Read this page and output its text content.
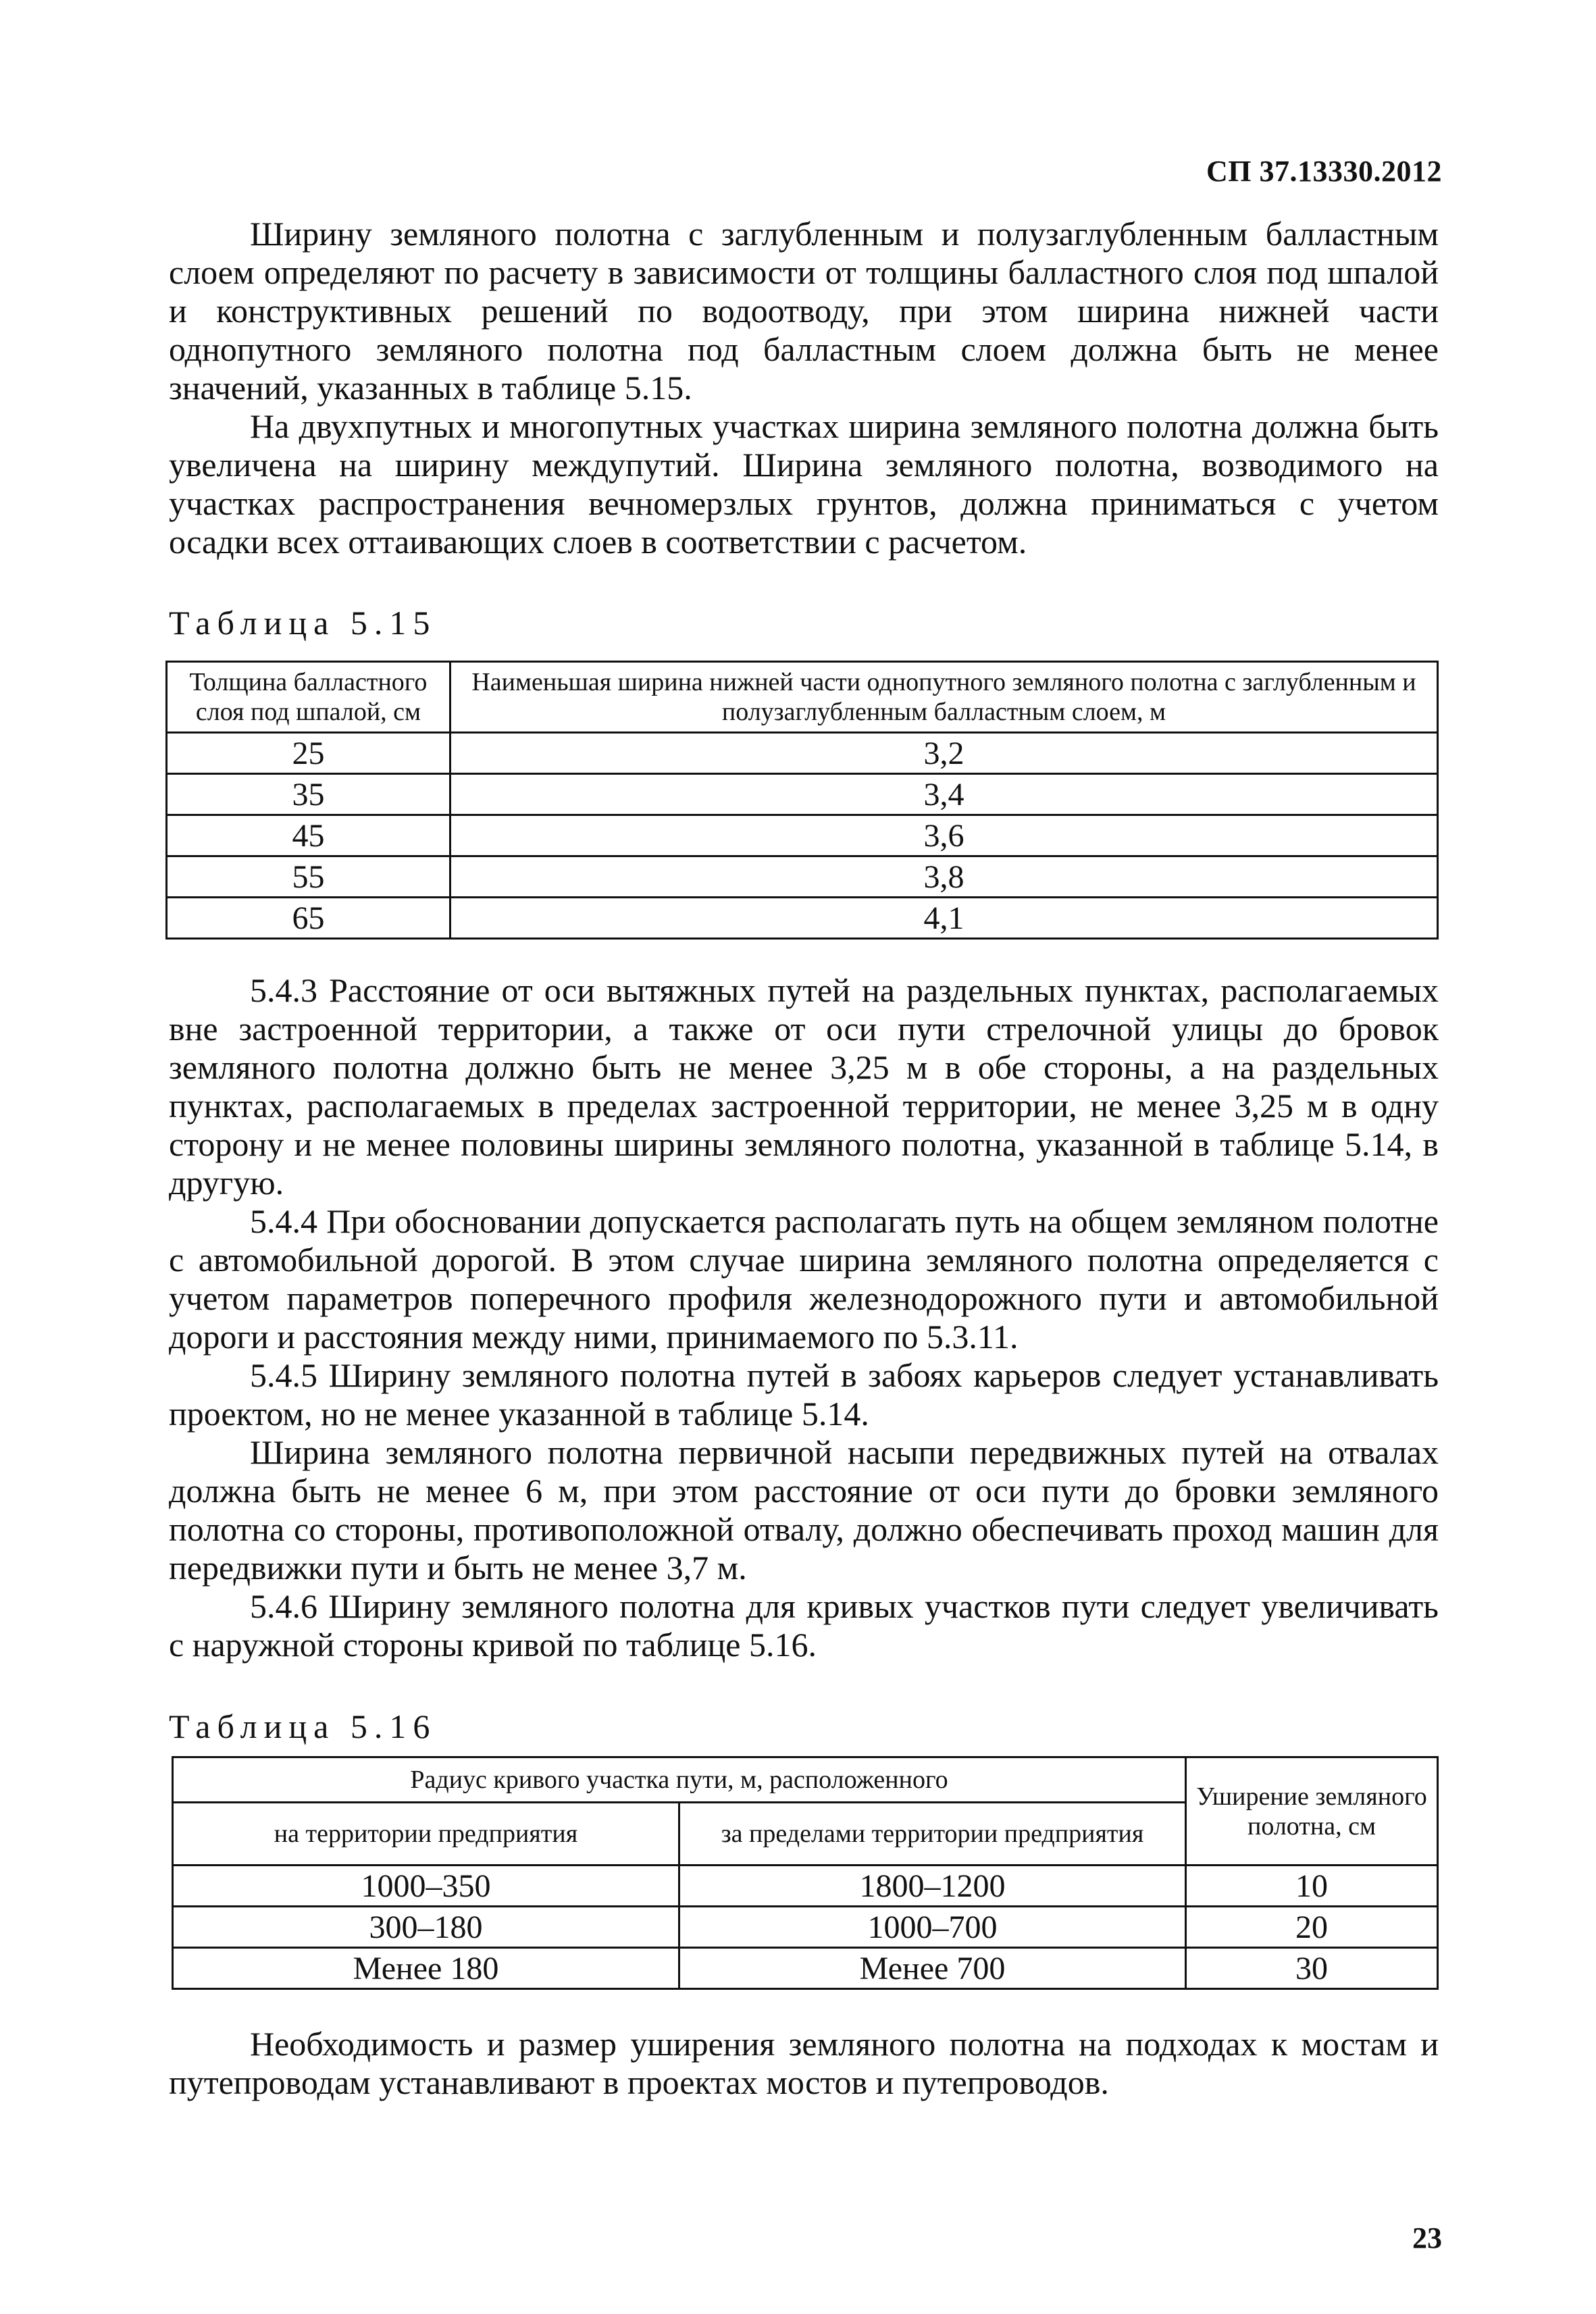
СП 37.13330.2012

Ширину земляного полотна с заглубленным и полузаглубленным балластным слоем определяют по расчету в зависимости от толщины балластного слоя под шпалой и конструктивных решений по водоотводу, при этом ширина нижней части однопутного земляного полотна под балластным слоем должна быть не менее значений, указанных в таблице 5.15.

На двухпутных и многопутных участках ширина земляного полотна должна быть увеличена на ширину междупутий. Ширина земляного полотна, возводимого на участках распространения вечномерзлых грунтов, должна приниматься с учетом осадки всех оттаивающих слоев в соответствии с расчетом.

Таблица 5.15
Толщина балластного слоя под шпалой, см	Наименьшая ширина нижней части однопутного земляного полотна с заглубленным и полузаглубленным балластным слоем, м
25	3,2
35	3,4
45	3,6
55	3,8
65	4,1

5.4.3 Расстояние от оси вытяжных путей на раздельных пунктах, располагаемых вне застроенной территории, а также от оси пути стрелочной улицы до бровок земляного полотна должно быть не менее 3,25 м в обе стороны, а на раздельных пунктах, располагаемых в пределах застроенной территории, не менее 3,25 м в одну сторону и не менее половины ширины земляного полотна, указанной в таблице 5.14, в другую.

5.4.4 При обосновании допускается располагать путь на общем земляном полотне с автомобильной дорогой. В этом случае ширина земляного полотна определяется с учетом параметров поперечного профиля железнодорожного пути и автомобильной дороги и расстояния между ними, принимаемого по 5.3.11.

5.4.5 Ширину земляного полотна путей в забоях карьеров следует устанавливать проектом, но не менее указанной в таблице 5.14.

Ширина земляного полотна первичной насыпи передвижных путей на отвалах должна быть не менее 6 м, при этом расстояние от оси пути до бровки земляного полотна со стороны, противоположной отвалу, должно обеспечивать проход машин для передвижки пути и быть не менее 3,7 м.

5.4.6 Ширину земляного полотна для кривых участков пути следует увеличивать с наружной стороны кривой по таблице 5.16.

Таблица 5.16
Радиус кривого участка пути, м, расположенного		Уширение земляного полотна, см
на территории предприятия	за пределами территории предприятия	
1000–350	1800–1200	10
300–180	1000–700	20
Менее 180	Менее 700	30

Необходимость и размер уширения земляного полотна на подходах к мостам и путепроводам устанавливают в проектах мостов и путепроводов.

23
